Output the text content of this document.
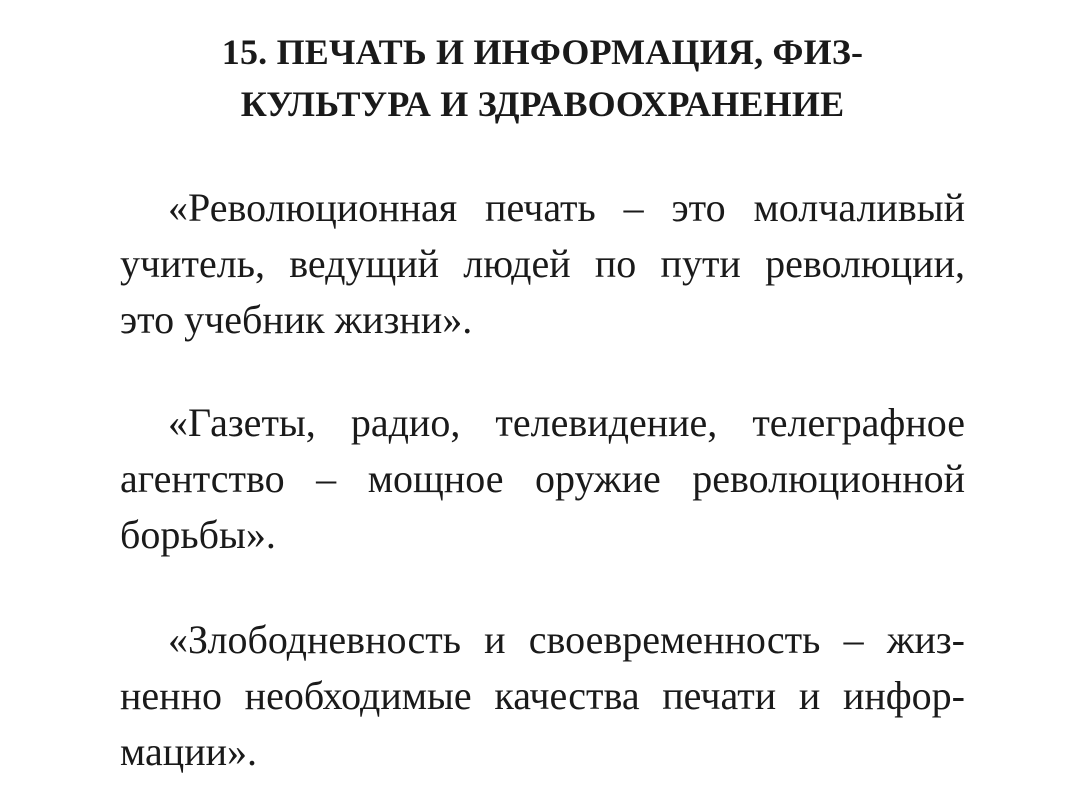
15. ПЕЧАТЬ И ИНФОРМАЦИЯ, ФИЗ-
КУЛЬТУРА И ЗДРАВООХРАНЕНИЕ

«Революционная печать – это молчаливый
учитель, ведущий людей по пути революции,
это учебник жизни».

«Газеты, радио, телевидение, телеграфное
агентство – мощное оружие революционной
борьбы».

«Злободневность и своевременность – жиз-
ненно необходимые качества печати и инфор-
мации».
